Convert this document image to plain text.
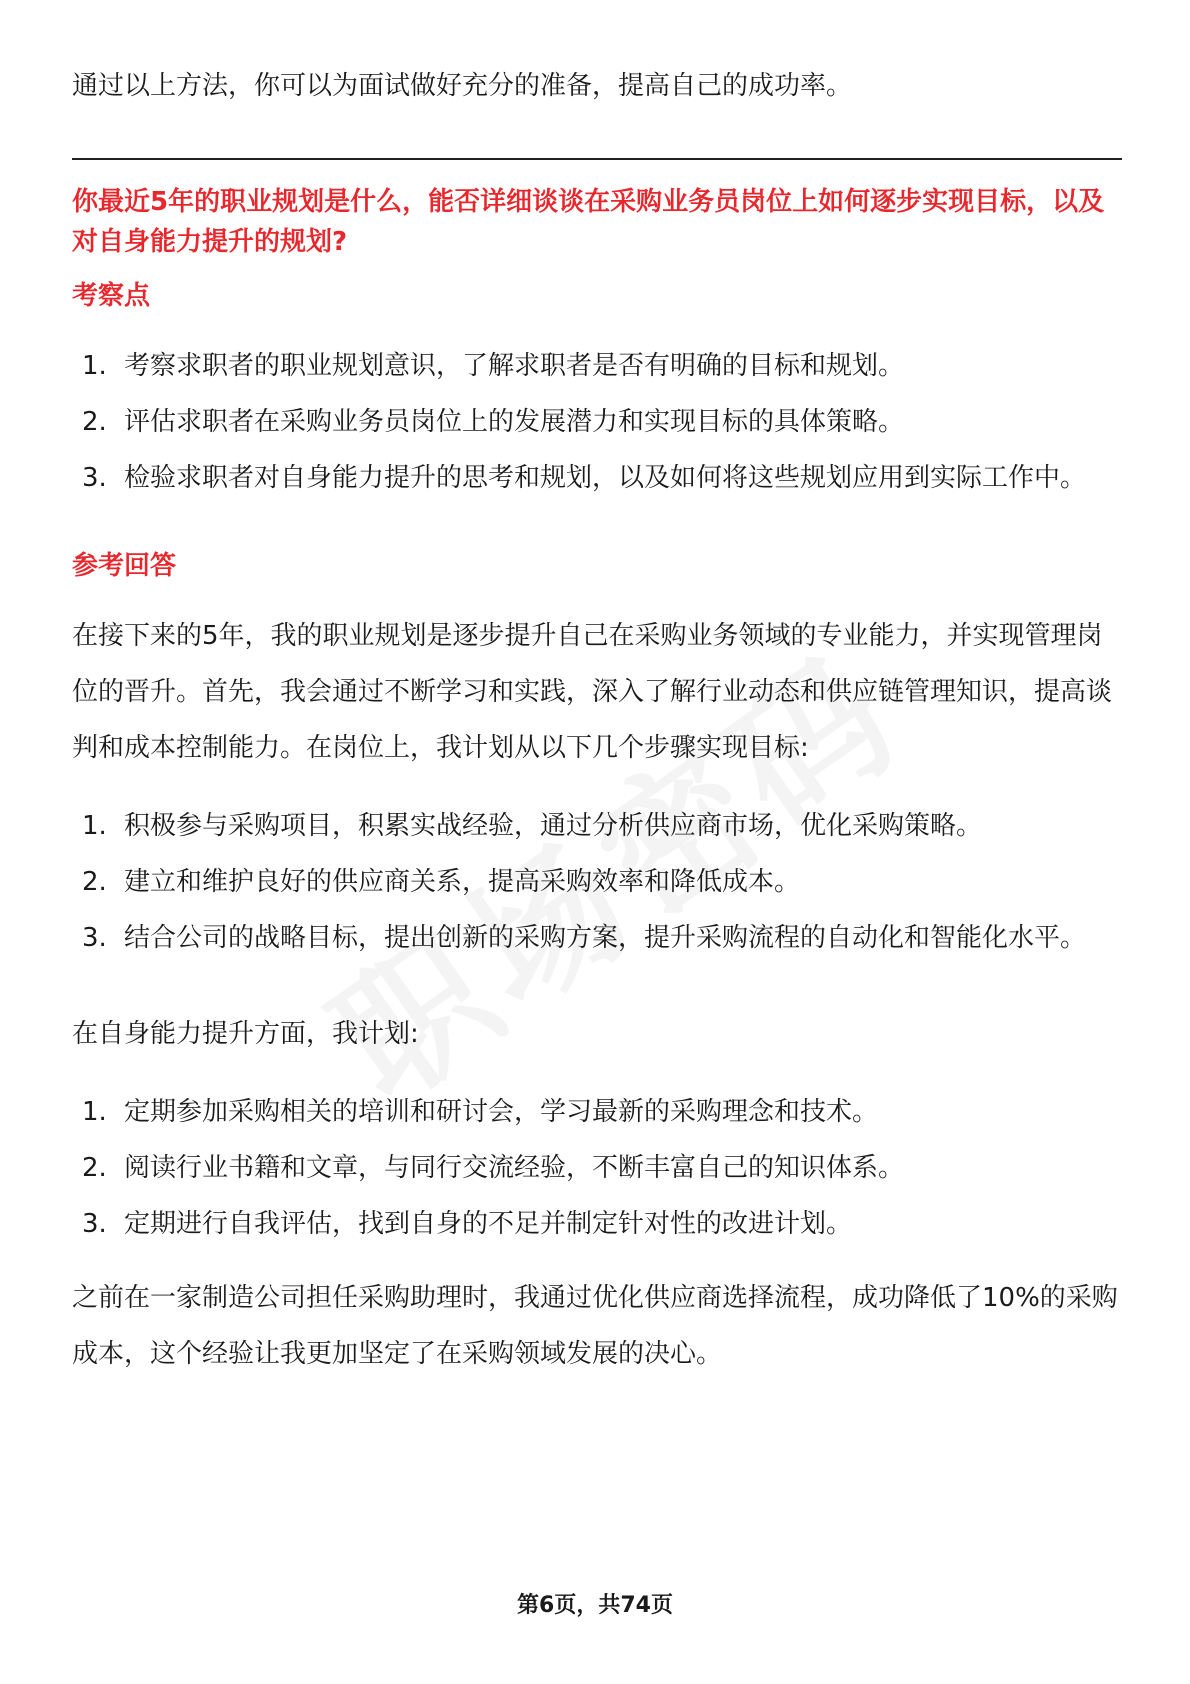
通过以上方法，你可以为面试做好充分的准备，提高自己的成功率。

你最近5年的职业规划是什么，能否详细谈谈在采购业务员岗位上如何逐步实现目标，以及对自身能力提升的规划?
考察点
1. 考察求职者的职业规划意识，了解求职者是否有明确的目标和规划。
2. 评估求职者在采购业务员岗位上的发展潜力和实现目标的具体策略。
3. 检验求职者对自身能力提升的思考和规划，以及如何将这些规划应用到实际工作中。
参考回答

在接下来的5年，我的职业规划是逐步提升自己在采购业务领域的专业能力，并实现管理岗位的晋升。首先，我会通过不断学习和实践，深入了解行业动态和供应链管理知识，提高谈判和成本控制能力。在岗位上，我计划从以下几个步骤实现目标:

1. 积极参与采购项目，积累实战经验，通过分析供应商市场，优化采购策略。
2. 建立和维护良好的供应商关系，提高采购效率和降低成本。
3. 结合公司的战略目标，提出创新的采购方案，提升采购流程的自动化和智能化水平。

在自身能力提升方面，我计划:

1. 定期参加采购相关的培训和研讨会，学习最新的采购理念和技术。
2. 阅读行业书籍和文章，与同行交流经验，不断丰富自己的知识体系。
3. 定期进行自我评估，找到自身的不足并制定针对性的改进计划。

之前在一家制造公司担任采购助理时，我通过优化供应商选择流程，成功降低了10%的采购成本，这个经验让我更加坚定了在采购领域发展的决心。

第6页，共74页
